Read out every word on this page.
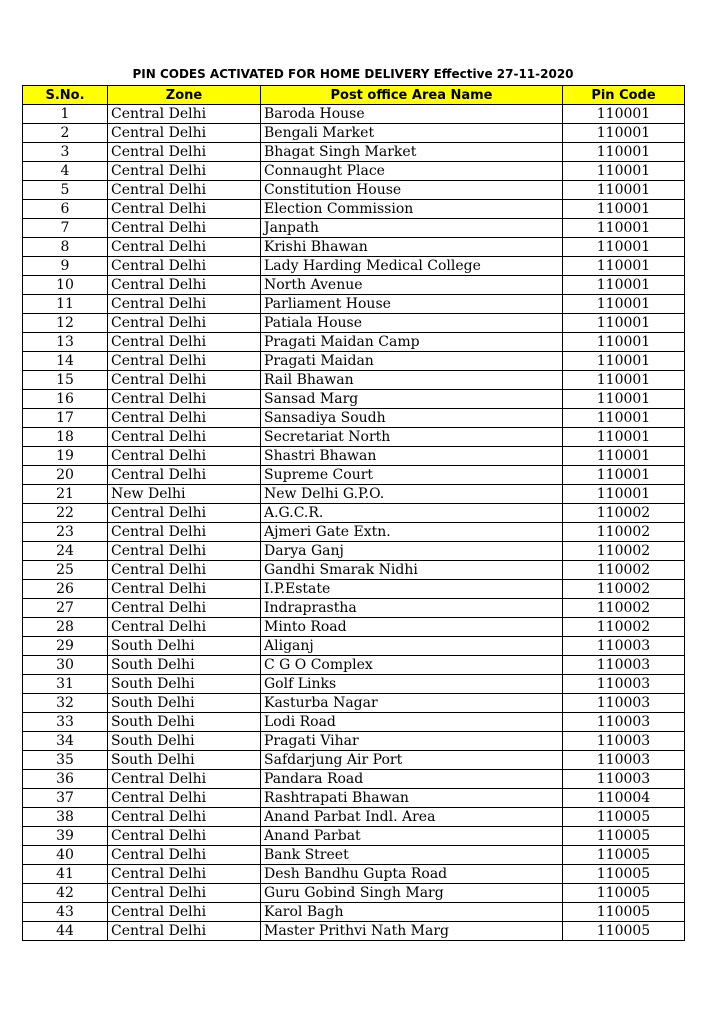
PIN CODES ACTIVATED FOR HOME DELIVERY Effective 27-11-2020
S.No.	Zone	Post office Area Name	Pin Code
1	Central Delhi	Baroda House	110001
2	Central Delhi	Bengali Market	110001
3	Central Delhi	Bhagat Singh Market	110001
4	Central Delhi	Connaught Place	110001
5	Central Delhi	Constitution House	110001
6	Central Delhi	Election Commission	110001
7	Central Delhi	Janpath	110001
8	Central Delhi	Krishi Bhawan	110001
9	Central Delhi	Lady Harding Medical College	110001
10	Central Delhi	North Avenue	110001
11	Central Delhi	Parliament House	110001
12	Central Delhi	Patiala House	110001
13	Central Delhi	Pragati Maidan Camp	110001
14	Central Delhi	Pragati Maidan	110001
15	Central Delhi	Rail Bhawan	110001
16	Central Delhi	Sansad Marg	110001
17	Central Delhi	Sansadiya Soudh	110001
18	Central Delhi	Secretariat North	110001
19	Central Delhi	Shastri Bhawan	110001
20	Central Delhi	Supreme Court	110001
21	New Delhi	New Delhi G.P.O.	110001
22	Central Delhi	A.G.C.R.	110002
23	Central Delhi	Ajmeri Gate Extn.	110002
24	Central Delhi	Darya Ganj	110002
25	Central Delhi	Gandhi Smarak Nidhi	110002
26	Central Delhi	I.P.Estate	110002
27	Central Delhi	Indraprastha	110002
28	Central Delhi	Minto Road	110002
29	South Delhi	Aliganj	110003
30	South Delhi	C G O Complex	110003
31	South Delhi	Golf Links	110003
32	South Delhi	Kasturba Nagar	110003
33	South Delhi	Lodi Road	110003
34	South Delhi	Pragati Vihar	110003
35	South Delhi	Safdarjung Air Port	110003
36	Central Delhi	Pandara Road	110003
37	Central Delhi	Rashtrapati Bhawan	110004
38	Central Delhi	Anand Parbat Indl. Area	110005
39	Central Delhi	Anand Parbat	110005
40	Central Delhi	Bank Street	110005
41	Central Delhi	Desh Bandhu Gupta Road	110005
42	Central Delhi	Guru Gobind Singh Marg	110005
43	Central Delhi	Karol Bagh	110005
44	Central Delhi	Master Prithvi Nath Marg	110005
